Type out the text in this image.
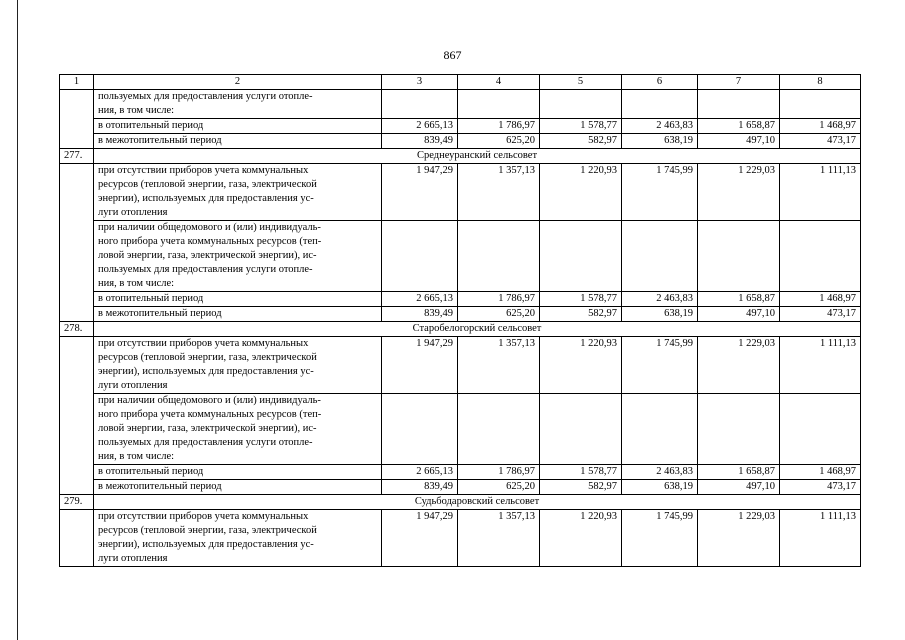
867
1	2	3	4	5	6	7	8
	пользуемых для предоставления услуги отопле-
ния, в том числе:						
	в отопительный период	2 665,13	1 786,97	1 578,77	2 463,83	1 658,87	1 468,97
	в межотопительный период	839,49	625,20	582,97	638,19	497,10	473,17
277.	Среднеуранский сельсовет						
	при отсутствии приборов учета коммунальных
ресурсов (тепловой энергии, газа, электрической
энергии), используемых для предоставления ус-
луги отопления	1 947,29	1 357,13	1 220,93	1 745,99	1 229,03	1 111,13
	при наличии общедомового и (или) индивидуаль-
ного прибора учета коммунальных ресурсов (теп-
ловой энергии, газа, электрической энергии), ис-
пользуемых для предоставления услуги отопле-
ния, в том числе:						
	в отопительный период	2 665,13	1 786,97	1 578,77	2 463,83	1 658,87	1 468,97
	в межотопительный период	839,49	625,20	582,97	638,19	497,10	473,17
278.	Старобелогорский сельсовет						
	при отсутствии приборов учета коммунальных
ресурсов (тепловой энергии, газа, электрической
энергии), используемых для предоставления ус-
луги отопления	1 947,29	1 357,13	1 220,93	1 745,99	1 229,03	1 111,13
	при наличии общедомового и (или) индивидуаль-
ного прибора учета коммунальных ресурсов (теп-
ловой энергии, газа, электрической энергии), ис-
пользуемых для предоставления услуги отопле-
ния, в том числе:						
	в отопительный период	2 665,13	1 786,97	1 578,77	2 463,83	1 658,87	1 468,97
	в межотопительный период	839,49	625,20	582,97	638,19	497,10	473,17
279.	Судьбодаровский сельсовет						
	при отсутствии приборов учета коммунальных
ресурсов (тепловой энергии, газа, электрической
энергии), используемых для предоставления ус-
луги отопления	1 947,29	1 357,13	1 220,93	1 745,99	1 229,03	1 111,13
